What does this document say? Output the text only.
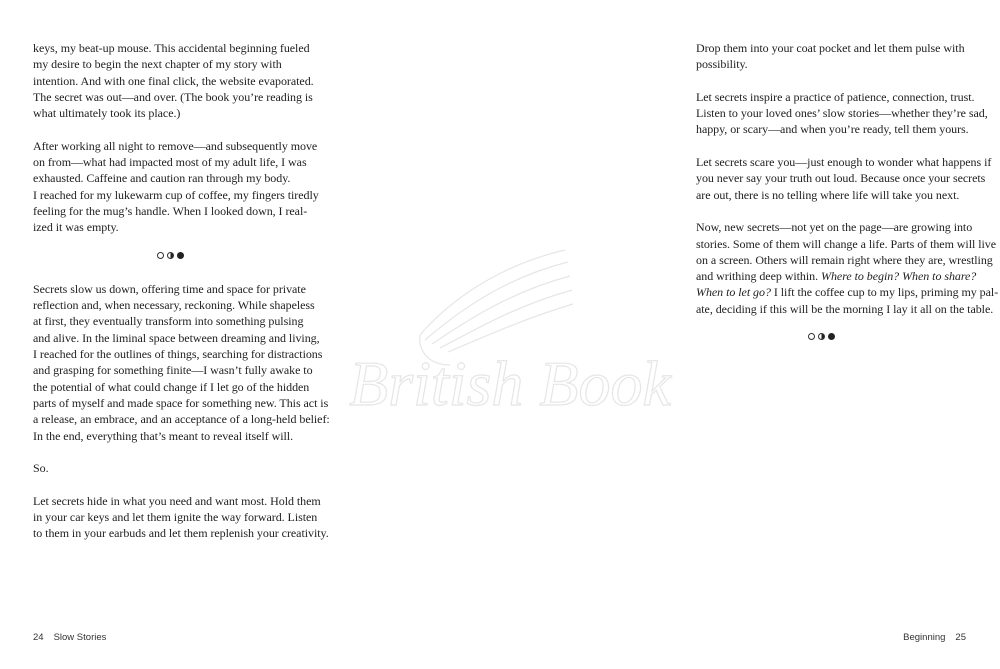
keys, my beat-up mouse. This accidental beginning fueled
my desire to begin the next chapter of my story with
intention. And with one final click, the website evaporated.
The secret was out—and over. (The book you’re reading is
what ultimately took its place.)

After working all night to remove—and subsequently move
on from—what had impacted most of my adult life, I was
exhausted. Caffeine and caution ran through my body.
I reached for my lukewarm cup of coffee, my fingers tiredly
feeling for the mug’s handle. When I looked down, I real-
ized it was empty.

Secrets slow us down, offering time and space for private
reflection and, when necessary, reckoning. While shapeless
at first, they eventually transform into something pulsing
and alive. In the liminal space between dreaming and living,
I reached for the outlines of things, searching for distractions
and grasping for something finite—I wasn’t fully awake to
the potential of what could change if I let go of the hidden
parts of myself and made space for something new. This act is
a release, an embrace, and an acceptance of a long-held belief:
In the end, everything that’s meant to reveal itself will.

So.

Let secrets hide in what you need and want most. Hold them
in your car keys and let them ignite the way forward. Listen
to them in your earbuds and let them replenish your creativity.

24 Slow Stories

Drop them into your coat pocket and let them pulse with
possibility.

Let secrets inspire a practice of patience, connection, trust.
Listen to your loved ones’ slow stories—whether they’re sad,
happy, or scary—and when you’re ready, tell them yours.

Let secrets scare you—just enough to wonder what happens if
you never say your truth out loud. Because once your secrets
are out, there is no telling where life will take you next.

Now, new secrets—not yet on the page—are growing into
stories. Some of them will change a life. Parts of them will live
on a screen. Others will remain right where they are, wrestling
and writhing deep within. Where to begin? When to share?
When to let go? I lift the coffee cup to my lips, priming my pal-
ate, deciding if this will be the morning I lay it all on the table.

Beginning 25
British Book
